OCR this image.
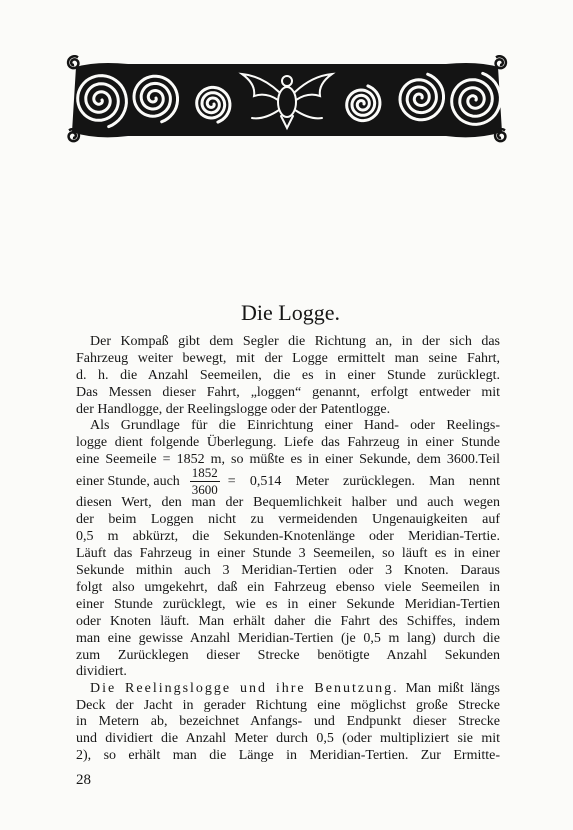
Die Logge.
Der Kompaß gibt dem Segler die Richtung an, in der sich das
Fahrzeug weiter bewegt, mit der Logge ermittelt man seine Fahrt,
d. h. die Anzahl Seemeilen, die es in einer Stunde zurücklegt.
Das Messen dieser Fahrt, „loggen“ genannt, erfolgt entweder mit
der Handlogge, der Reelingslogge oder der Patentlogge.
Als Grundlage für die Einrichtung einer Hand- oder Reelings-
logge dient folgende Überlegung. Liefe das Fahrzeug in einer Stunde
eine Seemeile = 1852 m, so müßte es in einer Sekunde, dem 3600.Teil
einer Stunde, auch $\frac{1852}{3600} = 0,514$ Meter zurücklegen. Man nennt
diesen Wert, den man der Bequemlichkeit halber und auch wegen
der beim Loggen nicht zu vermeidenden Ungenauigkeiten auf
0,5 m abkürzt, die Sekunden-Knotenlänge oder Meridian-Tertie.
Läuft das Fahrzeug in einer Stunde 3 Seemeilen, so läuft es in einer
Sekunde mithin auch 3 Meridian-Tertien oder 3 Knoten. Daraus
folgt also umgekehrt, daß ein Fahrzeug ebenso viele Seemeilen in
einer Stunde zurücklegt, wie es in einer Sekunde Meridian-Tertien
oder Knoten läuft. Man erhält daher die Fahrt des Schiffes, indem
man eine gewisse Anzahl Meridian-Tertien (je 0,5 m lang) durch die
zum Zurücklegen dieser Strecke benötigte Anzahl Sekunden
dividiert.
Die Reelingslogge und ihre Benutzung. Man mißt längs
Deck der Jacht in gerader Richtung eine möglichst große Strecke
in Metern ab, bezeichnet Anfangs- und Endpunkt dieser Strecke
und dividiert die Anzahl Meter durch 0,5 (oder multipliziert sie mit
2), so erhält man die Länge in Meridian-Tertien. Zur Ermitte-
28
